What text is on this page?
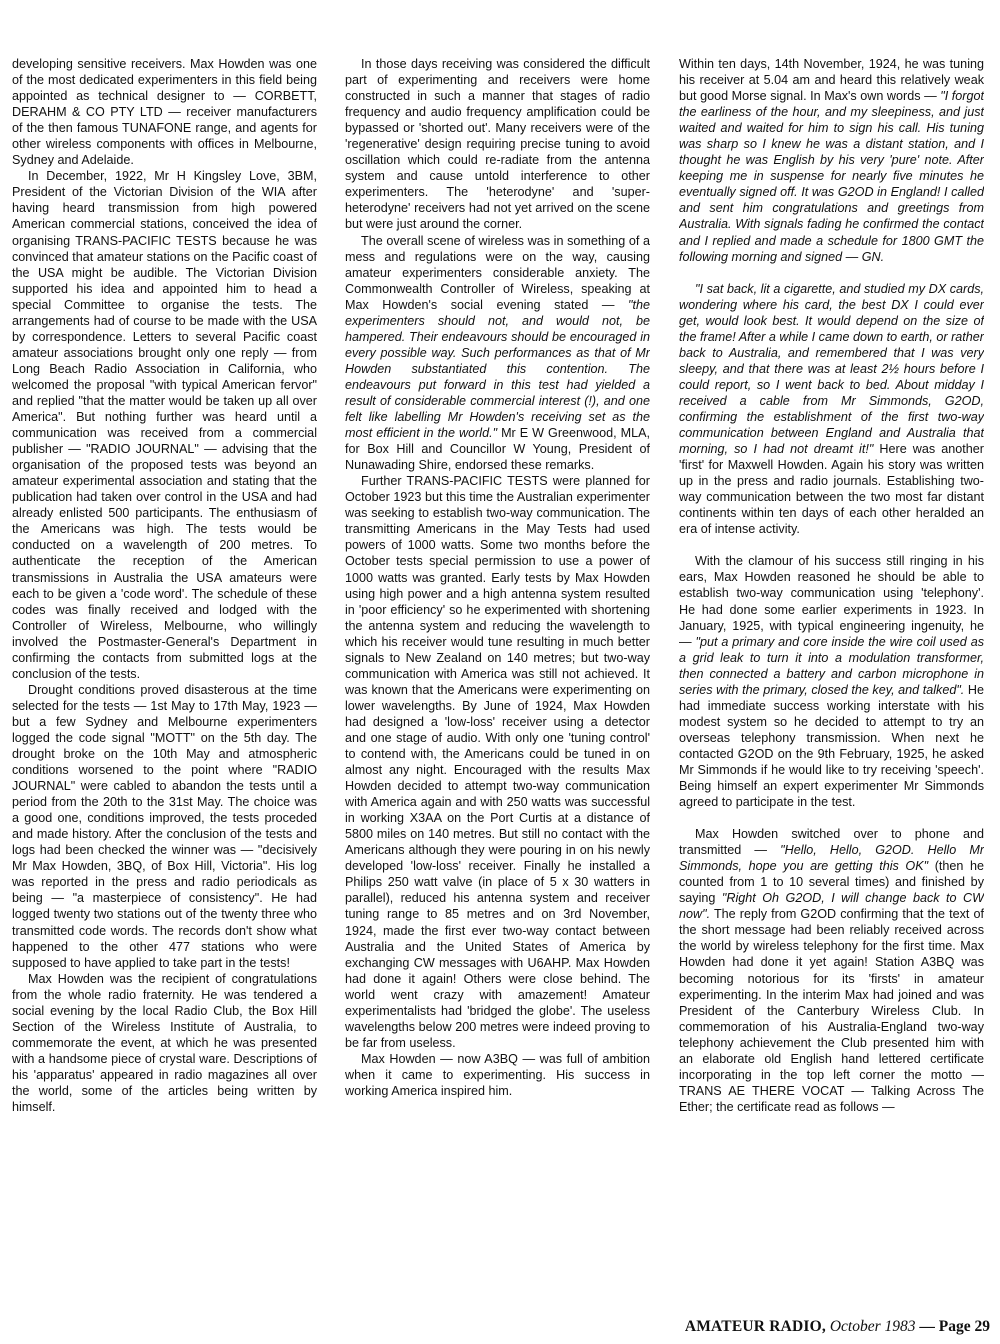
developing sensitive receivers. Max Howden was one of the most dedicated experimenters in this field being appointed as technical designer to — CORBETT, DERAHM & CO PTY LTD — receiver manufacturers of the then famous TUNAFONE range, and agents for other wireless components with offices in Melbourne, Sydney and Adelaide.

In December, 1922, Mr H Kingsley Love, 3BM, President of the Victorian Division of the WIA after having heard transmission from high powered American commercial stations, conceived the idea of organising TRANS-PACIFIC TESTS because he was convinced that amateur stations on the Pacific coast of the USA might be audible. The Victorian Division supported his idea and appointed him to head a special Committee to organise the tests. The arrangements had of course to be made with the USA by correspondence. Letters to several Pacific coast amateur associations brought only one reply — from Long Beach Radio Association in California, who welcomed the proposal "with typical American fervor" and replied "that the matter would be taken up all over America". But nothing further was heard until a communication was received from a commercial publisher — "RADIO JOURNAL" — advising that the organisation of the proposed tests was beyond an amateur experimental association and stating that the publication had taken over control in the USA and had already enlisted 500 participants. The enthusiasm of the Americans was high. The tests would be conducted on a wavelength of 200 metres. To authenticate the reception of the American transmissions in Australia the USA amateurs were each to be given a 'code word'. The schedule of these codes was finally received and lodged with the Controller of Wireless, Melbourne, who willingly involved the Postmaster-General's Department in confirming the contacts from submitted logs at the conclusion of the tests.

Drought conditions proved disasterous at the time selected for the tests — 1st May to 17th May, 1923 — but a few Sydney and Melbourne experimenters logged the code signal "MOTT" on the 5th day. The drought broke on the 10th May and atmospheric conditions worsened to the point where "RADIO JOURNAL" were cabled to abandon the tests until a period from the 20th to the 31st May. The choice was a good one, conditions improved, the tests proceded and made history. After the conclusion of the tests and logs had been checked the winner was — "decisively Mr Max Howden, 3BQ, of Box Hill, Victoria". His log was reported in the press and radio periodicals as being — "a masterpiece of consistency". He had logged twenty two stations out of the twenty three who transmitted code words. The records don't show what happened to the other 477 stations who were supposed to have applied to take part in the tests!

Max Howden was the recipient of congratulations from the whole radio fraternity. He was tendered a social evening by the local Radio Club, the Box Hill Section of the Wireless Institute of Australia, to commemorate the event, at which he was presented with a handsome piece of crystal ware. Descriptions of his 'apparatus' appeared in radio magazines all over the world, some of the articles being written by himself.

In those days receiving was considered the difficult part of experimenting and receivers were home constructed in such a manner that stages of radio frequency and audio frequency amplification could be bypassed or 'shorted out'. Many receivers were of the 'regenerative' design requiring precise tuning to avoid oscillation which could re-radiate from the antenna system and cause untold interference to other experimenters. The 'heterodyne' and 'super-heterodyne' receivers had not yet arrived on the scene but were just around the corner.

The overall scene of wireless was in something of a mess and regulations were on the way, causing amateur experimenters considerable anxiety. The Commonwealth Controller of Wireless, speaking at Max Howden's social evening stated — "the experimenters should not, and would not, be hampered. Their endeavours should be encouraged in every possible way. Such performances as that of Mr Howden substantiated this contention. The endeavours put forward in this test had yielded a result of considerable commercial interest (!), and one felt like labelling Mr Howden's receiving set as the most efficient in the world." Mr E W Greenwood, MLA, for Box Hill and Councillor W Young, President of Nunawading Shire, endorsed these remarks.

Further TRANS-PACIFIC TESTS were planned for October 1923 but this time the Australian experimenter was seeking to establish two-way communication. The transmitting Americans in the May Tests had used powers of 1000 watts. Some two months before the October tests special permission to use a power of 1000 watts was granted. Early tests by Max Howden using high power and a high antenna system resulted in 'poor efficiency' so he experimented with shortening the antenna system and reducing the wavelength to which his receiver would tune resulting in much better signals to New Zealand on 140 metres; but two-way communication with America was still not achieved. It was known that the Americans were experimenting on lower wavelengths. By June of 1924, Max Howden had designed a 'low-loss' receiver using a detector and one stage of audio. With only one 'tuning control' to contend with, the Americans could be tuned in on almost any night. Encouraged with the results Max Howden decided to attempt two-way communication with America again and with 250 watts was successful in working X3AA on the Port Curtis at a distance of 5800 miles on 140 metres. But still no contact with the Americans although they were pouring in on his newly developed 'low-loss' receiver. Finally he installed a Philips 250 watt valve (in place of 5 x 30 watters in parallel), reduced his antenna system and receiver tuning range to 85 metres and on 3rd November, 1924, made the first ever two-way contact between Australia and the United States of America by exchanging CW messages with U6AHP. Max Howden had done it again! Others were close behind. The world went crazy with amazement! Amateur experimentalists had 'bridged the globe'. The useless wavelengths below 200 metres were indeed proving to be far from useless.

Max Howden — now A3BQ — was full of ambition when it came to experimenting. His success in working America inspired him.

Within ten days, 14th November, 1924, he was tuning his receiver at 5.04 am and heard this relatively weak but good Morse signal. In Max's own words — "I forgot the earliness of the hour, and my sleepiness, and just waited and waited for him to sign his call. His tuning was sharp so I knew he was a distant station, and I thought he was English by his very 'pure' note. After keeping me in suspense for nearly five minutes he eventually signed off. It was G2OD in England! I called and sent him congratulations and greetings from Australia. With signals fading he confirmed the contact and I replied and made a schedule for 1800 GMT the following morning and signed — GN.

"I sat back, lit a cigarette, and studied my DX cards, wondering where his card, the best DX I could ever get, would look best. It would depend on the size of the frame! After a while I came down to earth, or rather back to Australia, and remembered that I was very sleepy, and that there was at least 2½ hours before I could report, so I went back to bed. About midday I received a cable from Mr Simmonds, G2OD, confirming the establishment of the first two-way communication between England and Australia that morning, so I had not dreamt it!" Here was another 'first' for Maxwell Howden. Again his story was written up in the press and radio journals. Establishing two-way communication between the two most far distant continents within ten days of each other heralded an era of intense activity.

With the clamour of his success still ringing in his ears, Max Howden reasoned he should be able to establish two-way communication using 'telephony'. He had done some earlier experiments in 1923. In January, 1925, with typical engineering ingenuity, he — "put a primary and core inside the wire coil used as a grid leak to turn it into a modulation transformer, then connected a battery and carbon microphone in series with the primary, closed the key, and talked". He had immediate success working interstate with his modest system so he decided to attempt to try an overseas telephony transmission. When next he contacted G2OD on the 9th February, 1925, he asked Mr Simmonds if he would like to try receiving 'speech'. Being himself an expert experimenter Mr Simmonds agreed to participate in the test.

Max Howden switched over to phone and transmitted — "Hello, Hello, G2OD. Hello Mr Simmonds, hope you are getting this OK" (then he counted from 1 to 10 several times) and finished by saying "Right Oh G2OD, I will change back to CW now". The reply from G2OD confirming that the text of the short message had been reliably received across the world by wireless telephony for the first time. Max Howden had done it yet again! Station A3BQ was becoming notorious for its 'firsts' in amateur experimenting. In the interim Max had joined and was President of the Canterbury Wireless Club. In commemoration of his Australia-England two-way telephony achievement the Club presented him with an elaborate old English hand lettered certificate incorporating in the top left corner the motto — TRANS AE THERE VOCAT — Talking Across The Ether; the certificate read as follows —

AMATEUR RADIO, October 1983 — Page 29
